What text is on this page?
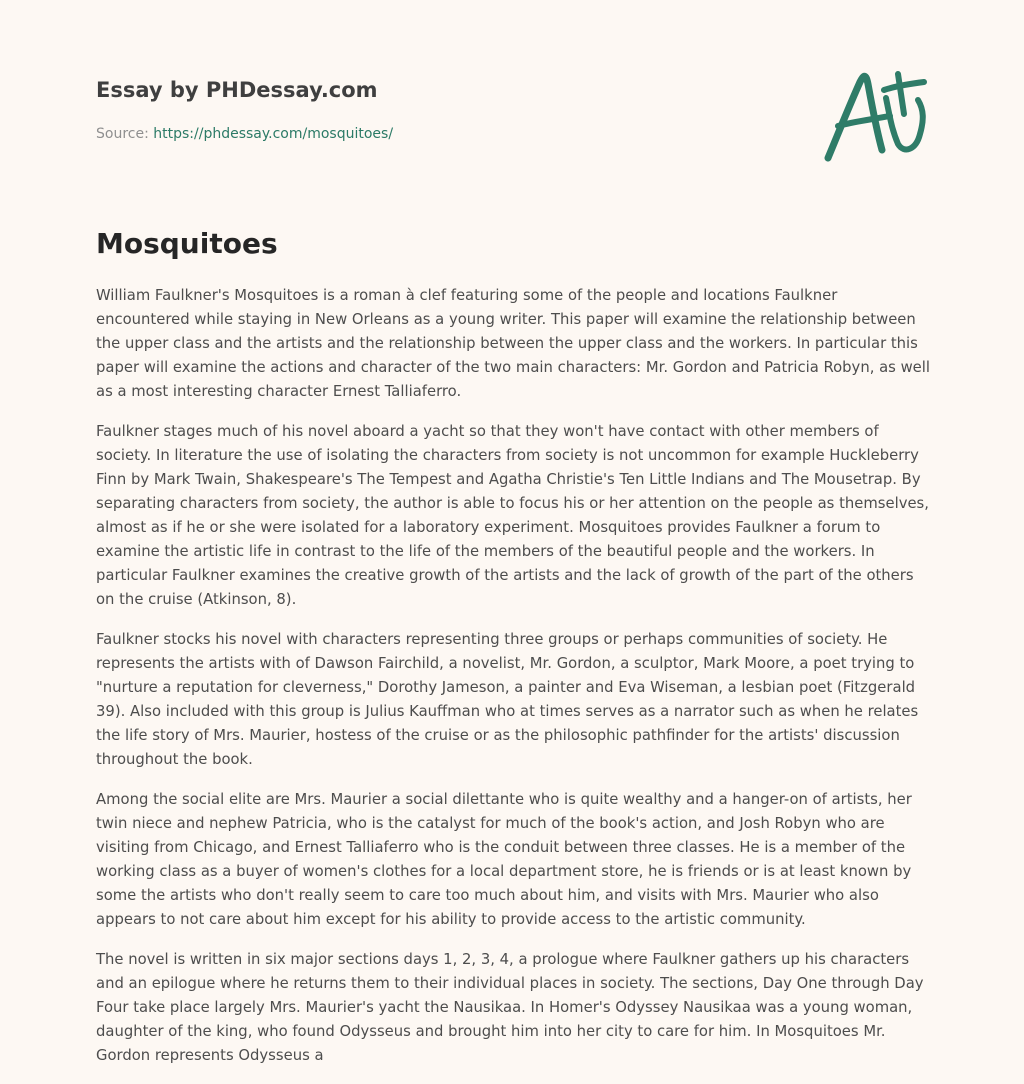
Essay by PHDessay.com
Source: https://phdessay.com/mosquitoes/
Mosquitoes

William Faulkner's Mosquitoes is a roman à clef featuring some of the people and locations Faulkner encountered while staying in New Orleans as a young writer. This paper will examine the relationship between the upper class and the artists and the relationship between the upper class and the workers. In particular this paper will examine the actions and character of the two main characters: Mr. Gordon and Patricia Robyn, as well as a most interesting character Ernest Talliaferro.

Faulkner stages much of his novel aboard a yacht so that they won't have contact with other members of society. In literature the use of isolating the characters from society is not uncommon for example Huckleberry Finn by Mark Twain, Shakespeare's The Tempest and Agatha Christie's Ten Little Indians and The Mousetrap. By separating characters from society, the author is able to focus his or her attention on the people as themselves, almost as if he or she were isolated for a laboratory experiment. Mosquitoes provides Faulkner a forum to examine the artistic life in contrast to the life of the members of the beautiful people and the workers. In particular Faulkner examines the creative growth of the artists and the lack of growth of the part of the others on the cruise (Atkinson, 8).

Faulkner stocks his novel with characters representing three groups or perhaps communities of society. He represents the artists with of Dawson Fairchild, a novelist, Mr. Gordon, a sculptor, Mark Moore, a poet trying to "nurture a reputation for cleverness," Dorothy Jameson, a painter and Eva Wiseman, a lesbian poet (Fitzgerald 39). Also included with this group is Julius Kauffman who at times serves as a narrator such as when he relates the life story of Mrs. Maurier, hostess of the cruise or as the philosophic pathfinder for the artists' discussion throughout the book.

Among the social elite are Mrs. Maurier a social dilettante who is quite wealthy and a hanger-on of artists, her twin niece and nephew Patricia, who is the catalyst for much of the book's action, and Josh Robyn who are visiting from Chicago, and Ernest Talliaferro who is the conduit between three classes. He is a member of the working class as a buyer of women's clothes for a local department store, he is friends or is at least known by some the artists who don't really seem to care too much about him, and visits with Mrs. Maurier who also appears to not care about him except for his ability to provide access to the artistic community.

The novel is written in six major sections days 1, 2, 3, 4, a prologue where Faulkner gathers up his characters and an epilogue where he returns them to their individual places in society. The sections, Day One through Day Four take place largely Mrs. Maurier's yacht the Nausikaa. In Homer's Odyssey Nausikaa was a young woman, daughter of the king, who found Odysseus and brought him into her city to care for him. In Mosquitoes Mr. Gordon represents Odysseus a
